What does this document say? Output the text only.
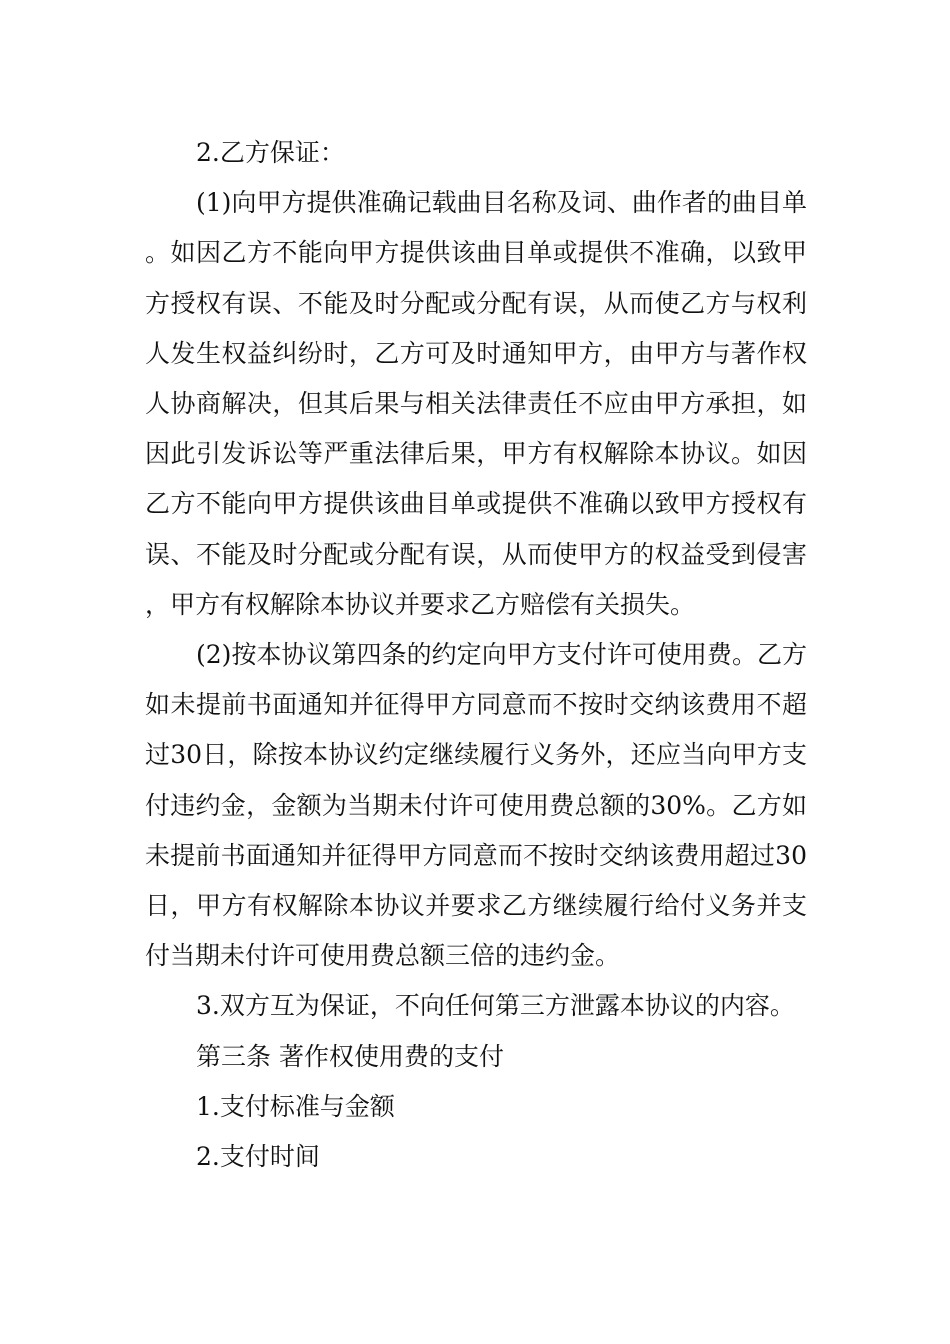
2.乙方保证：

(1)向甲方提供准确记载曲目名称及词、曲作者的曲目单。如因乙方不能向甲方提供该曲目单或提供不准确，以致甲方授权有误、不能及时分配或分配有误，从而使乙方与权利人发生权益纠纷时，乙方可及时通知甲方，由甲方与著作权人协商解决，但其后果与相关法律责任不应由甲方承担，如因此引发诉讼等严重法律后果，甲方有权解除本协议。如因乙方不能向甲方提供该曲目单或提供不准确以致甲方授权有误、不能及时分配或分配有误，从而使甲方的权益受到侵害，甲方有权解除本协议并要求乙方赔偿有关损失。

(2)按本协议第四条的约定向甲方支付许可使用费。乙方如未提前书面通知并征得甲方同意而不按时交纳该费用不超过30日，除按本协议约定继续履行义务外，还应当向甲方支付违约金，金额为当期未付许可使用费总额的30%。乙方如未提前书面通知并征得甲方同意而不按时交纳该费用超过30日，甲方有权解除本协议并要求乙方继续履行给付义务并支付当期未付许可使用费总额三倍的违约金。

3.双方互为保证，不向任何第三方泄露本协议的内容。

第三条 著作权使用费的支付

1.支付标准与金额

2.支付时间
